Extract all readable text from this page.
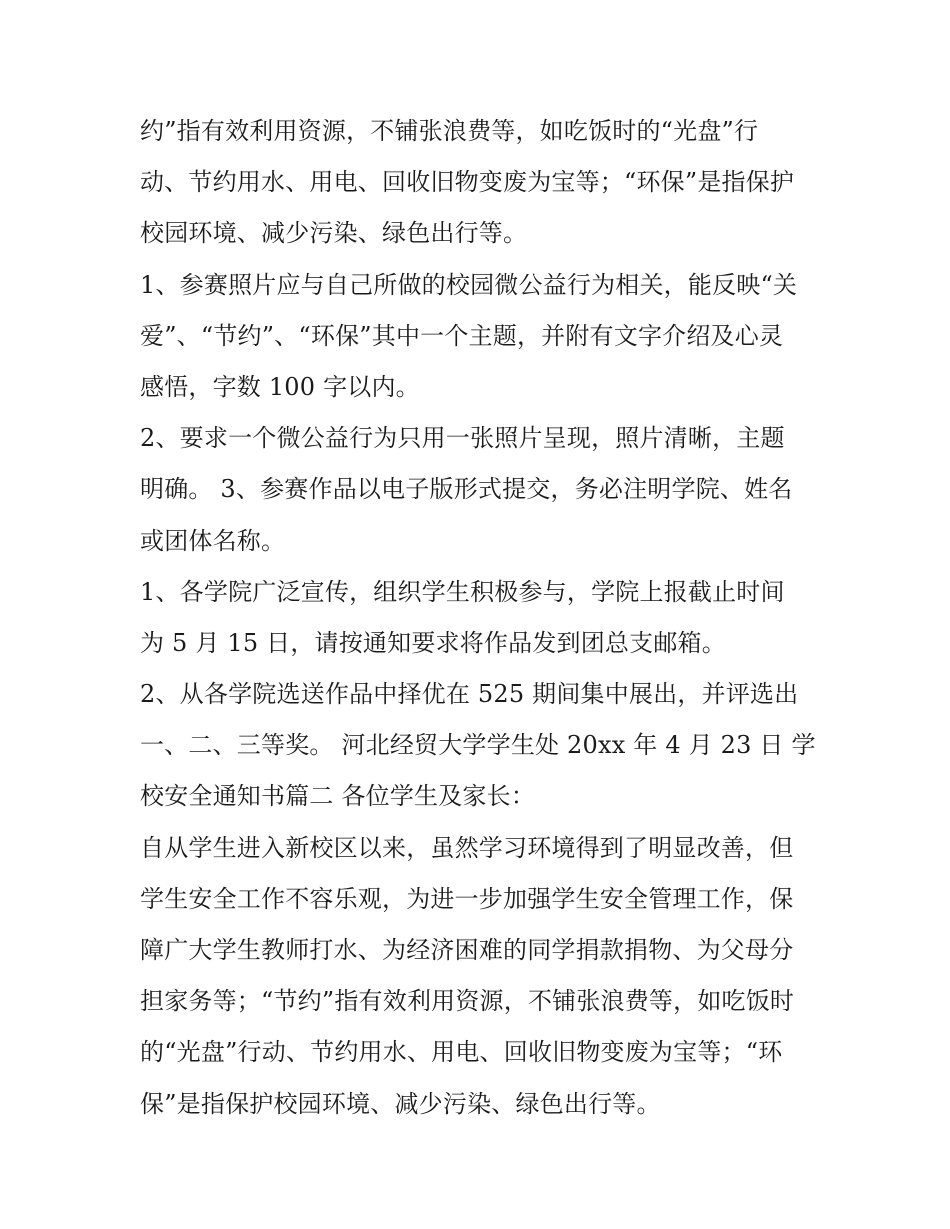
约”指有效利用资源，不铺张浪费等，如吃饭时的“光盘”行
动、节约用水、用电、回收旧物变废为宝等；“环保”是指保护
校园环境、减少污染、绿色出行等。
1、参赛照片应与自己所做的校园微公益行为相关，能反映“关
爱”、“节约”、“环保”其中一个主题，并附有文字介绍及心灵
感悟，字数 100 字以内。
2、要求一个微公益行为只用一张照片呈现，照片清晰，主题
明确。 3、参赛作品以电子版形式提交，务必注明学院、姓名
或团体名称。
1、各学院广泛宣传，组织学生积极参与，学院上报截止时间
为 5 月 15 日，请按通知要求将作品发到团总支邮箱。
2、从各学院选送作品中择优在 525 期间集中展出，并评选出
一、二、三等奖。 河北经贸大学学生处 20xx 年 4 月 23 日 学
校安全通知书篇二 各位学生及家长：
自从学生进入新校区以来，虽然学习环境得到了明显改善，但
学生安全工作不容乐观，为进一步加强学生安全管理工作，保
障广大学生教师打水、为经济困难的同学捐款捐物、为父母分
担家务等；“节约”指有效利用资源，不铺张浪费等，如吃饭时
的“光盘”行动、节约用水、用电、回收旧物变废为宝等；“环
保”是指保护校园环境、减少污染、绿色出行等。
